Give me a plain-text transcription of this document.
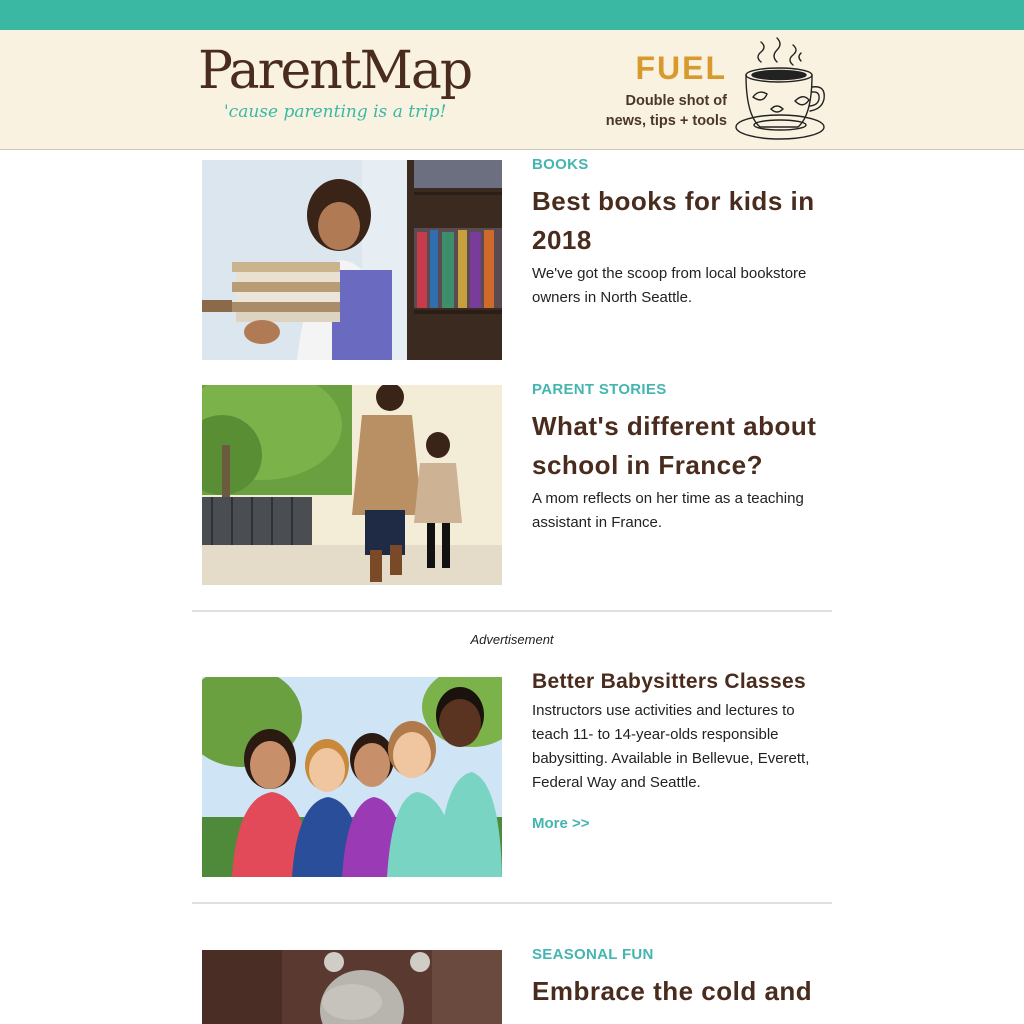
ParentMap
'cause parenting is a trip!
FUEL
Double shot of
news, tips + tools
BOOKS
Best books for kids in 2018
We've got the scoop from local bookstore owners in North Seattle.
PARENT STORIES
What's different about school in France?
A mom reflects on her time as a teaching assistant in France.
Advertisement
Better Babysitters Classes
Instructors use activities and lectures to teach 11- to 14-year-olds responsible babysitting. Available in Bellevue, Everett, Federal Way and Seattle.
More >>
SEASONAL FUN
Embrace the cold and
